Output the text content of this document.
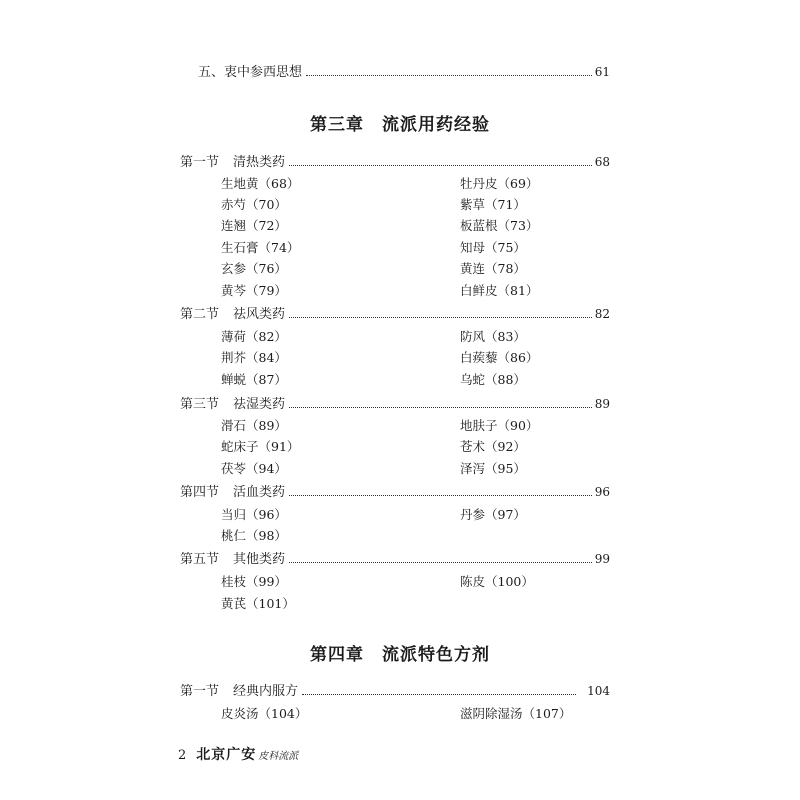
五、衷中参西思想	61
第三章 流派用药经验
第一节 清热类药	68
生地黄（68）	牡丹皮（69）
赤芍（70）	紫草（71）
连翘（72）	板蓝根（73）
生石膏（74）	知母（75）
玄参（76）	黄连（78）
黄芩（79）	白鲜皮（81）
第二节 祛风类药	82
薄荷（82）	防风（83）
荆芥（84）	白蒺藜（86）
蝉蜕（87）	乌蛇（88）
第三节 祛湿类药	89
滑石（89）	地肤子（90）
蛇床子（91）	苍术（92）
茯苓（94）	泽泻（95）
第四节 活血类药	96
当归（96）	丹参（97）
桃仁（98）
第五节 其他类药	99
桂枝（99）	陈皮（100）
黄芪（101）
第四章 流派特色方剂
第一节 经典内服方	104
皮炎汤（104）	滋阴除湿汤（107）
2 北京广安 皮科流派
